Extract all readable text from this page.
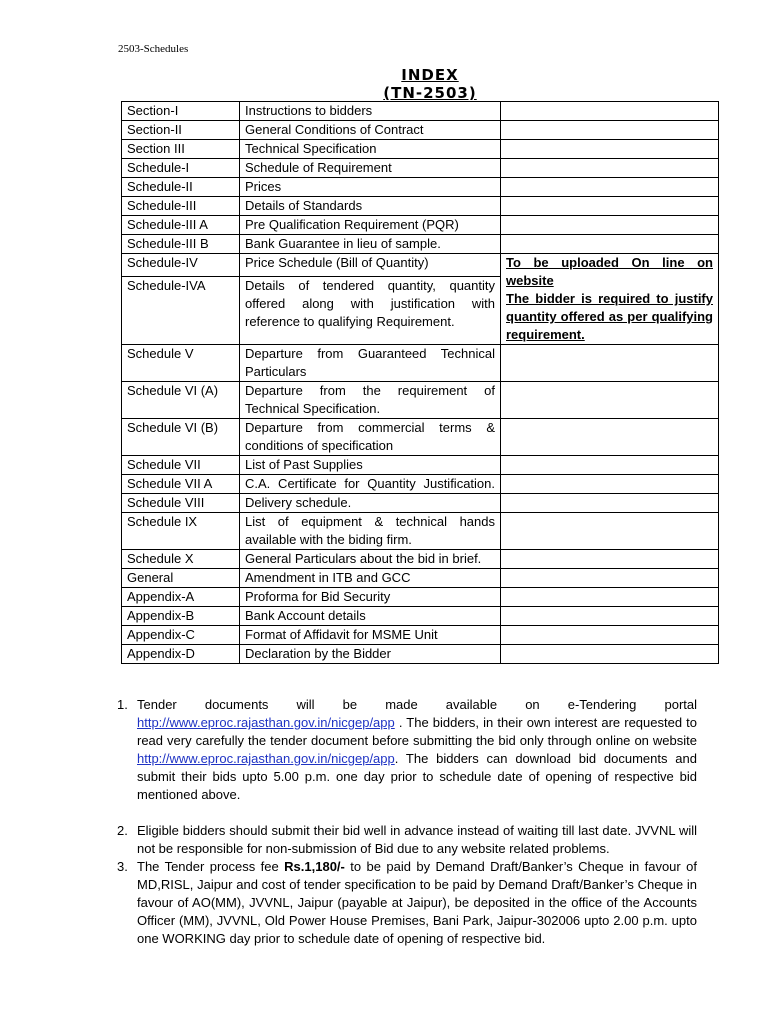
2503-Schedules
INDEX
(TN-2503)
Section-I	Instructions to bidders	
Section-II	General Conditions of Contract	
Section III	Technical Specification	
Schedule-I	Schedule of Requirement	
Schedule-II	Prices	
Schedule-III	Details of Standards	
Schedule-III A	Pre Qualification Requirement (PQR)	
Schedule-III B	Bank Guarantee in lieu of sample.	
Schedule-IV	Price Schedule (Bill of Quantity)	To be uploaded On line on website
The bidder is required to justify quantity offered as per qualifying requirement.

Schedule-IVA	Details of tendered quantity, quantity offered along with justification with reference to qualifying Requirement.	
Schedule V	Departure from Guaranteed Technical Particulars	
Schedule VI (A)	Departure from the requirement of Technical Specification.	
Schedule VI (B)	Departure from commercial terms & conditions of specification	
Schedule VII	List of Past Supplies	
Schedule VII A	C.A. Certificate for Quantity Justification.	
Schedule VIII	Delivery schedule.	
Schedule IX	List of equipment & technical hands available with the biding firm.	
Schedule X	General Particulars about the bid in brief.	
General	Amendment in ITB and GCC	
Appendix-A	Proforma for Bid Security	
Appendix-B	Bank Account details	
Appendix-C	Format of Affidavit for MSME Unit	
Appendix-D	Declaration by the Bidder	
1. Tender documents will be made available on e-Tendering portal
http://www.eproc.rajasthan.gov.in/nicgep/app . The bidders, in their own interest are requested to read very carefully the tender document before submitting the bid only through online on website http://www.eproc.rajasthan.gov.in/nicgep/app. The bidders can download bid documents and submit their bids upto 5.00 p.m. one day prior to schedule date of opening of respective bid mentioned above.
2. Eligible bidders should submit their bid well in advance instead of waiting till last date. JVVNL will not be responsible for non-submission of Bid due to any website related problems.
3. The Tender process fee Rs.1,180/- to be paid by Demand Draft/Banker’s Cheque in favour of MD,RISL, Jaipur and cost of tender specification to be paid by Demand Draft/Banker’s Cheque in favour of AO(MM), JVVNL, Jaipur (payable at Jaipur), be deposited in the office of the Accounts Officer (MM), JVVNL, Old Power House Premises, Bani Park, Jaipur-302006 upto 2.00 p.m. upto one WORKING day prior to schedule date of opening of respective bid.
